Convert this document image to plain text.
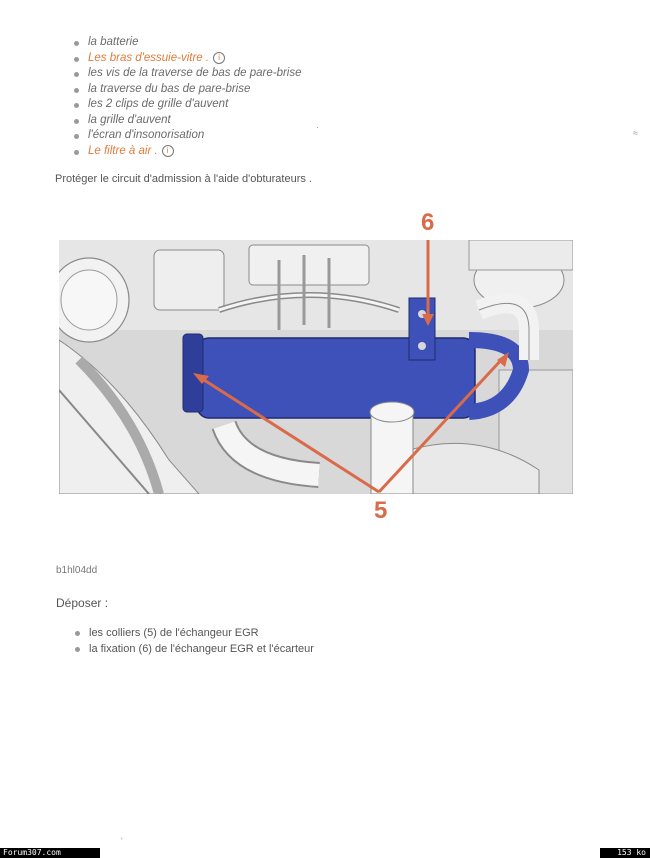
la batterie
Les bras d'essuie-vitre . i
les vis de la traverse de bas de pare-brise
la traverse du bas de pare-brise
les 2 clips de grille d'auvent
la grille d'auvent
l'écran d'insonorisation
Le filtre à air . i
·
≈
Protéger le circuit d'admission à l'aide d'obturateurs .
6
5
b1hl04dd
Déposer :
les colliers (5) de l'échangeur EGR
la fixation (6) de l'échangeur EGR et l'écarteur
'
Forum307.com	153 ko
